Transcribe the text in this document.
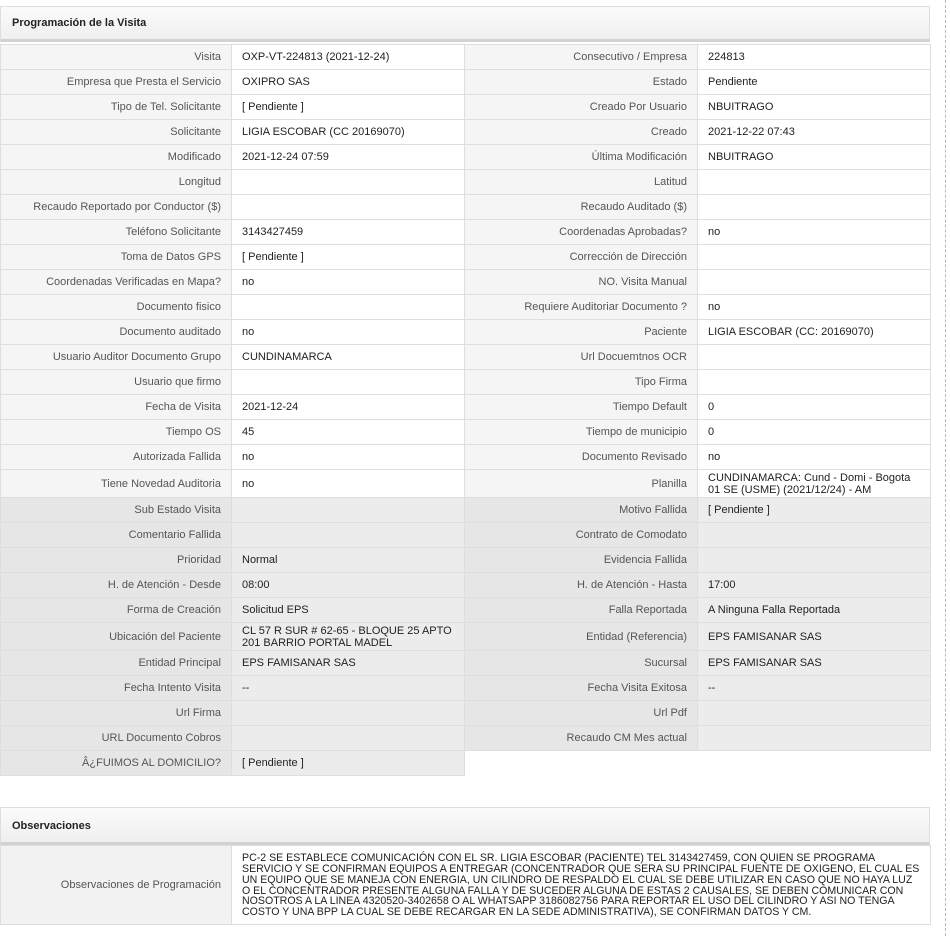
Programación de la Visita
Visita	OXP-VT-224813 (2021-12-24)	Consecutivo / Empresa	224813
Empresa que Presta el Servicio	OXIPRO SAS	Estado	Pendiente
Tipo de Tel. Solicitante	[ Pendiente ]	Creado Por Usuario	NBUITRAGO
Solicitante	LIGIA ESCOBAR (CC 20169070)	Creado	2021-12-22 07:43
Modificado	2021-12-24 07:59	Última Modificación	NBUITRAGO
Longitud		Latitud	
Recaudo Reportado por Conductor ($)		Recaudo Auditado ($)	
Teléfono Solicitante	3143427459	Coordenadas Aprobadas?	no
Toma de Datos GPS	[ Pendiente ]	Corrección de Dirección	
Coordenadas Verificadas en Mapa?	no	NO. Visita Manual	
Documento fisico		Requiere Auditoriar Documento ?	no
Documento auditado	no	Paciente	LIGIA ESCOBAR (CC: 20169070)
Usuario Auditor Documento Grupo	CUNDINAMARCA	Url Docuemtnos OCR	
Usuario que firmo		Tipo Firma	
Fecha de Visita	2021-12-24	Tiempo Default	0
Tiempo OS	45	Tiempo de municipio	0
Autorizada Fallida	no	Documento Revisado	no
Tiene Novedad Auditoria	no	Planilla	CUNDINAMARCA: Cund - Domi - Bogota 01 SE (USME) (2021/12/24) - AM
Sub Estado Visita		Motivo Fallida	[ Pendiente ]
Comentario Fallida		Contrato de Comodato	
Prioridad	Normal	Evidencia Fallida	
H. de Atención - Desde	08:00	H. de Atención - Hasta	17:00
Forma de Creación	Solicitud EPS	Falla Reportada	A Ninguna Falla Reportada
Ubicación del Paciente	CL 57 R SUR # 62-65 - BLOQUE 25 APTO 201 BARRIO PORTAL MADEL	Entidad (Referencia)	EPS FAMISANAR SAS
Entidad Principal	EPS FAMISANAR SAS	Sucursal	EPS FAMISANAR SAS
Fecha Intento Visita	--	Fecha Visita Exitosa	--
Url Firma		Url Pdf	
URL Documento Cobros		Recaudo CM Mes actual	
Â¿FUIMOS AL DOMICILIO?	[ Pendiente ]		
Observaciones
Observaciones de Programación	PC-2 SE ESTABLECE COMUNICACIÓN CON EL SR. LIGIA ESCOBAR (PACIENTE) TEL 3143427459, CON QUIEN SE PROGRAMA SERVICIO Y SE CONFIRMAN EQUIPOS A ENTREGAR (CONCENTRADOR QUE SERA SU PRINCIPAL FUENTE DE OXIGENO, EL CUAL ES UN EQUIPO QUE SE MANEJA CON ENERGIA, UN CILINDRO DE RESPALDO EL CUAL SE DEBE UTILIZAR EN CASO QUE NO HAYA LUZ O EL CONCENTRADOR PRESENTE ALGUNA FALLA Y DE SUCEDER ALGUNA DE ESTAS 2 CAUSALES, SE DEBEN COMUNICAR CON NOSOTROS A LA LINEA 4320520-3402658 O AL WHATSAPP 3186082756 PARA REPORTAR EL USO DEL CILINDRO Y ASI NO TENGA COSTO Y UNA BPP LA CUAL SE DEBE RECARGAR EN LA SEDE ADMINISTRATIVA), SE CONFIRMAN DATOS Y CM.
